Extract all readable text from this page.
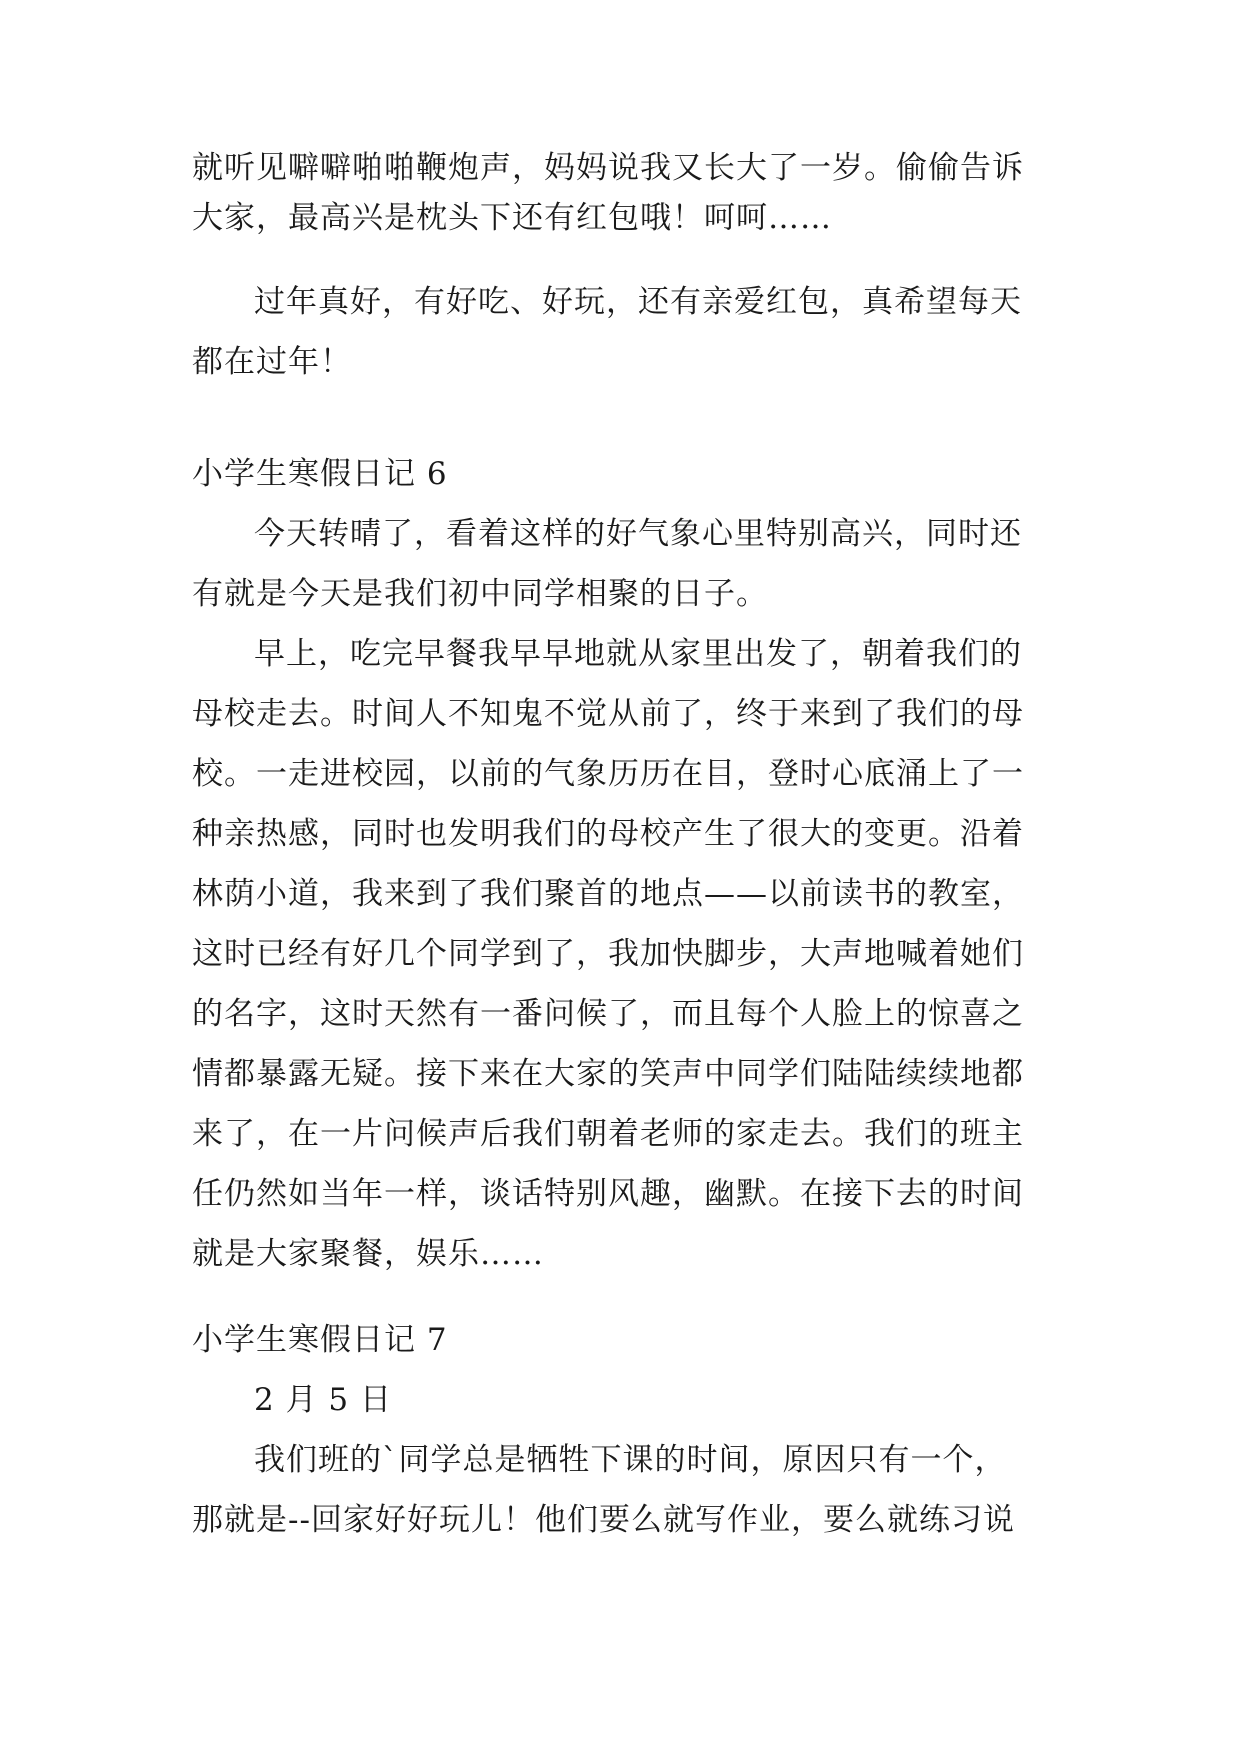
就听见噼噼啪啪鞭炮声，妈妈说我又长大了一岁。偷偷告诉
大家，最高兴是枕头下还有红包哦！呵呵……
过年真好，有好吃、好玩，还有亲爱红包，真希望每天
都在过年！
小学生寒假日记 6
今天转晴了，看着这样的好气象心里特别高兴，同时还
有就是今天是我们初中同学相聚的日子。
早上，吃完早餐我早早地就从家里出发了，朝着我们的
母校走去。时间人不知鬼不觉从前了，终于来到了我们的母
校。一走进校园，以前的气象历历在目，登时心底涌上了一
种亲热感，同时也发明我们的母校产生了很大的变更。沿着
林荫小道，我来到了我们聚首的地点——以前读书的教室，
这时已经有好几个同学到了，我加快脚步，大声地喊着她们
的名字，这时天然有一番问候了，而且每个人脸上的惊喜之
情都暴露无疑。接下来在大家的笑声中同学们陆陆续续地都
来了，在一片问候声后我们朝着老师的家走去。我们的班主
任仍然如当年一样，谈话特别风趣，幽默。在接下去的时间
就是大家聚餐，娱乐……
小学生寒假日记 7
2 月 5 日
我们班的`同学总是牺牲下课的时间，原因只有一个，
那就是--回家好好玩儿！他们要么就写作业，要么就练习说
